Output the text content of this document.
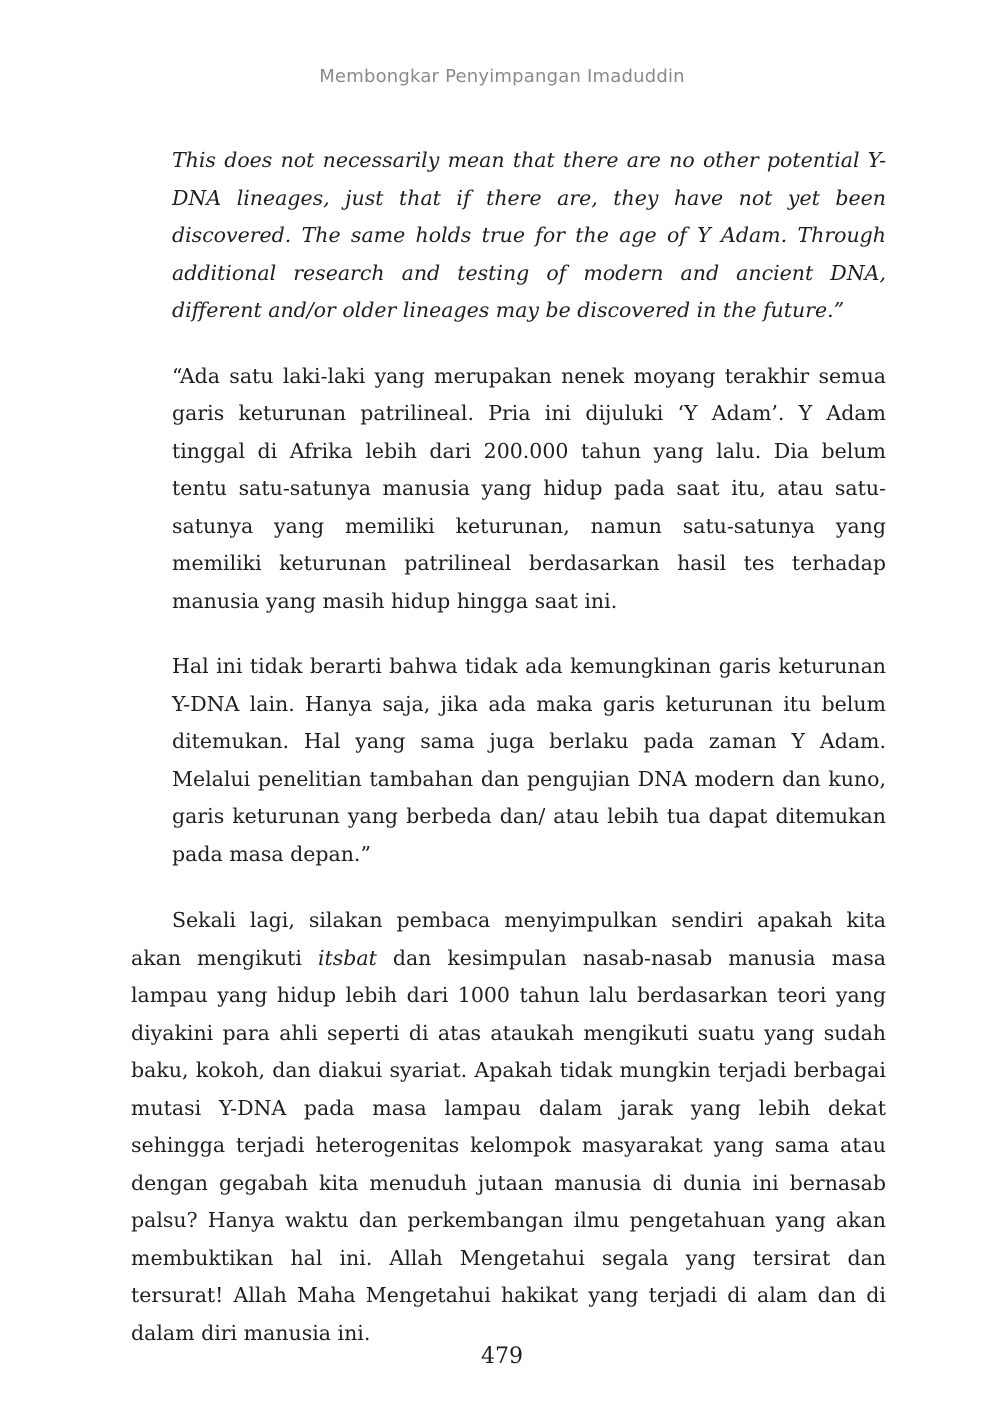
Membongkar Penyimpangan Imaduddin

This does not necessarily mean that there are no other potential Y-DNA lineages, just that if there are, they have not yet been discovered. The same holds true for the age of Y Adam. Through additional research and testing of modern and ancient DNA, different and/or older lineages may be discovered in the future.”

“Ada satu laki-laki yang merupakan nenek moyang terakhir semua garis keturunan patrilineal. Pria ini dijuluki ‘Y Adam’. Y Adam tinggal di Afrika lebih dari 200.000 tahun yang lalu. Dia belum tentu satu-satunya manusia yang hidup pada saat itu, atau satu-satunya yang memiliki keturunan, namun satu-satunya yang memiliki keturunan patrilineal berdasarkan hasil tes terhadap manusia yang masih hidup hingga saat ini.

Hal ini tidak berarti bahwa tidak ada kemungkinan garis keturunan Y-DNA lain. Hanya saja, jika ada maka garis keturunan itu belum ditemukan. Hal yang sama juga berlaku pada zaman Y Adam. Melalui penelitian tambahan dan pengujian DNA modern dan kuno, garis keturunan yang berbeda dan/ atau lebih tua dapat ditemukan pada masa depan.”

Sekali lagi, silakan pembaca menyimpulkan sendiri apakah kita akan mengikuti itsbat dan kesimpulan nasab-nasab manusia masa lampau yang hidup lebih dari 1000 tahun lalu berdasarkan teori yang diyakini para ahli seperti di atas ataukah mengikuti suatu yang sudah baku, kokoh, dan diakui syariat. Apakah tidak mungkin terjadi berbagai mutasi Y-DNA pada masa lampau dalam jarak yang lebih dekat sehingga terjadi heterogenitas kelompok masyarakat yang sama atau dengan gegabah kita menuduh jutaan manusia di dunia ini bernasab palsu? Hanya waktu dan perkembangan ilmu pengetahuan yang akan membuktikan hal ini. Allah Mengetahui segala yang tersirat dan tersurat! Allah Maha Mengetahui hakikat yang terjadi di alam dan di dalam diri manusia ini.

479
